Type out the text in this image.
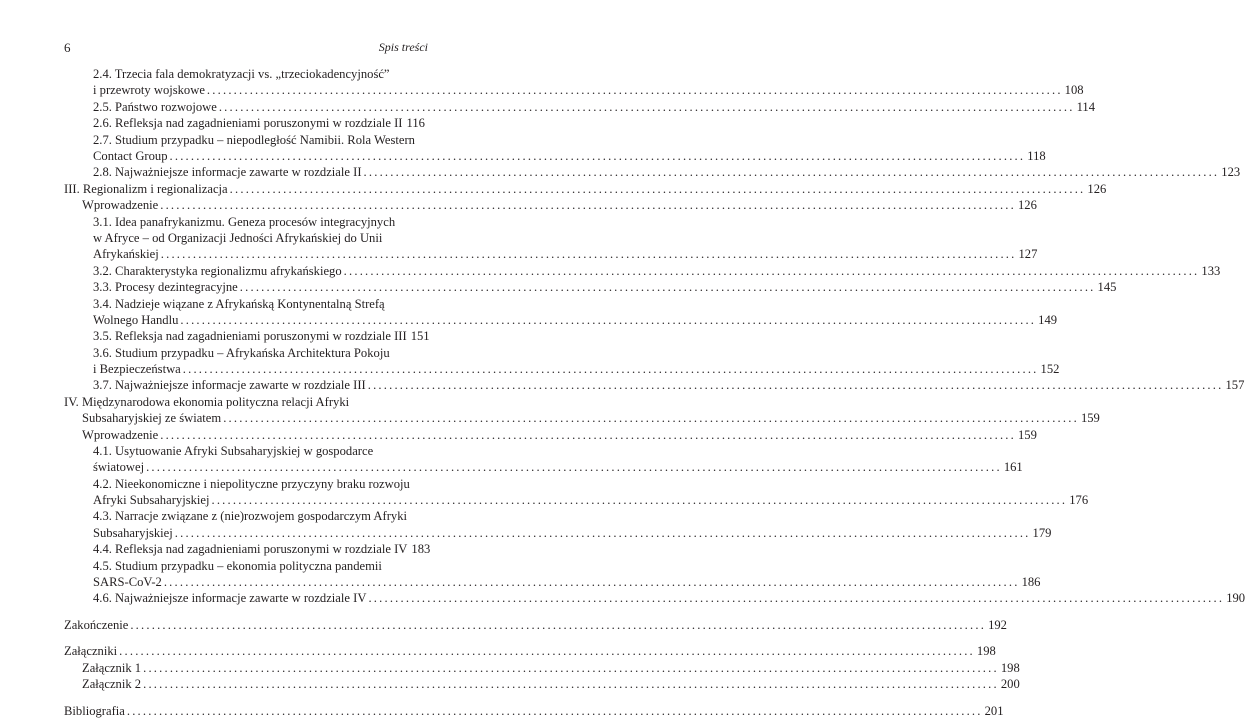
6	Spis treści
2.4. Trzecia fala demokratyzacji vs. „trzeciokadencyjność”
i przewroty wojskowe ................................................................................................................................................................ 108
2.5. Państwo rozwojowe ................................................................................................................................................................ 114
2.6. Refleksja nad zagadnieniami poruszonymi w rozdziale II 116
2.7. Studium przypadku – niepodległość Namibii. Rola Western
Contact Group ................................................................................................................................................................ 118
2.8. Najważniejsze informacje zawarte w rozdziale II ................................................................................................................................................................ 123
III. Regionalizm i regionalizacja ................................................................................................................................................................ 126
Wprowadzenie ................................................................................................................................................................ 126
3.1. Idea panafrykanizmu. Geneza procesów integracyjnych
w Afryce – od Organizacji Jedności Afrykańskiej do Unii
Afrykańskiej ................................................................................................................................................................ 127
3.2. Charakterystyka regionalizmu afrykańskiego ................................................................................................................................................................ 133
3.3. Procesy dezintegracyjne ................................................................................................................................................................ 145
3.4. Nadzieje wiązane z Afrykańską Kontynentalną Strefą
Wolnego Handlu ................................................................................................................................................................ 149
3.5. Refleksja nad zagadnieniami poruszonymi w rozdziale III 151
3.6. Studium przypadku – Afrykańska Architektura Pokoju
i Bezpieczeństwa ................................................................................................................................................................ 152
3.7. Najważniejsze informacje zawarte w rozdziale III ................................................................................................................................................................ 157
IV. Międzynarodowa ekonomia polityczna relacji Afryki
Subsaharyjskiej ze światem ................................................................................................................................................................ 159
Wprowadzenie ................................................................................................................................................................ 159
4.1. Usytuowanie Afryki Subsaharyjskiej w gospodarce
światowej ................................................................................................................................................................ 161
4.2. Nieekonomiczne i niepolityczne przyczyny braku rozwoju
Afryki Subsaharyjskiej ................................................................................................................................................................ 176
4.3. Narracje związane z (nie)rozwojem gospodarczym Afryki
Subsaharyjskiej ................................................................................................................................................................ 179
4.4. Refleksja nad zagadnieniami poruszonymi w rozdziale IV 183
4.5. Studium przypadku – ekonomia polityczna pandemii
SARS-CoV-2 ................................................................................................................................................................ 186
4.6. Najważniejsze informacje zawarte w rozdziale IV ................................................................................................................................................................ 190
Zakończenie ................................................................................................................................................................ 192
Załączniki ................................................................................................................................................................ 198
Załącznik 1 ................................................................................................................................................................ 198
Załącznik 2 ................................................................................................................................................................ 200
Bibliografia ................................................................................................................................................................ 201
